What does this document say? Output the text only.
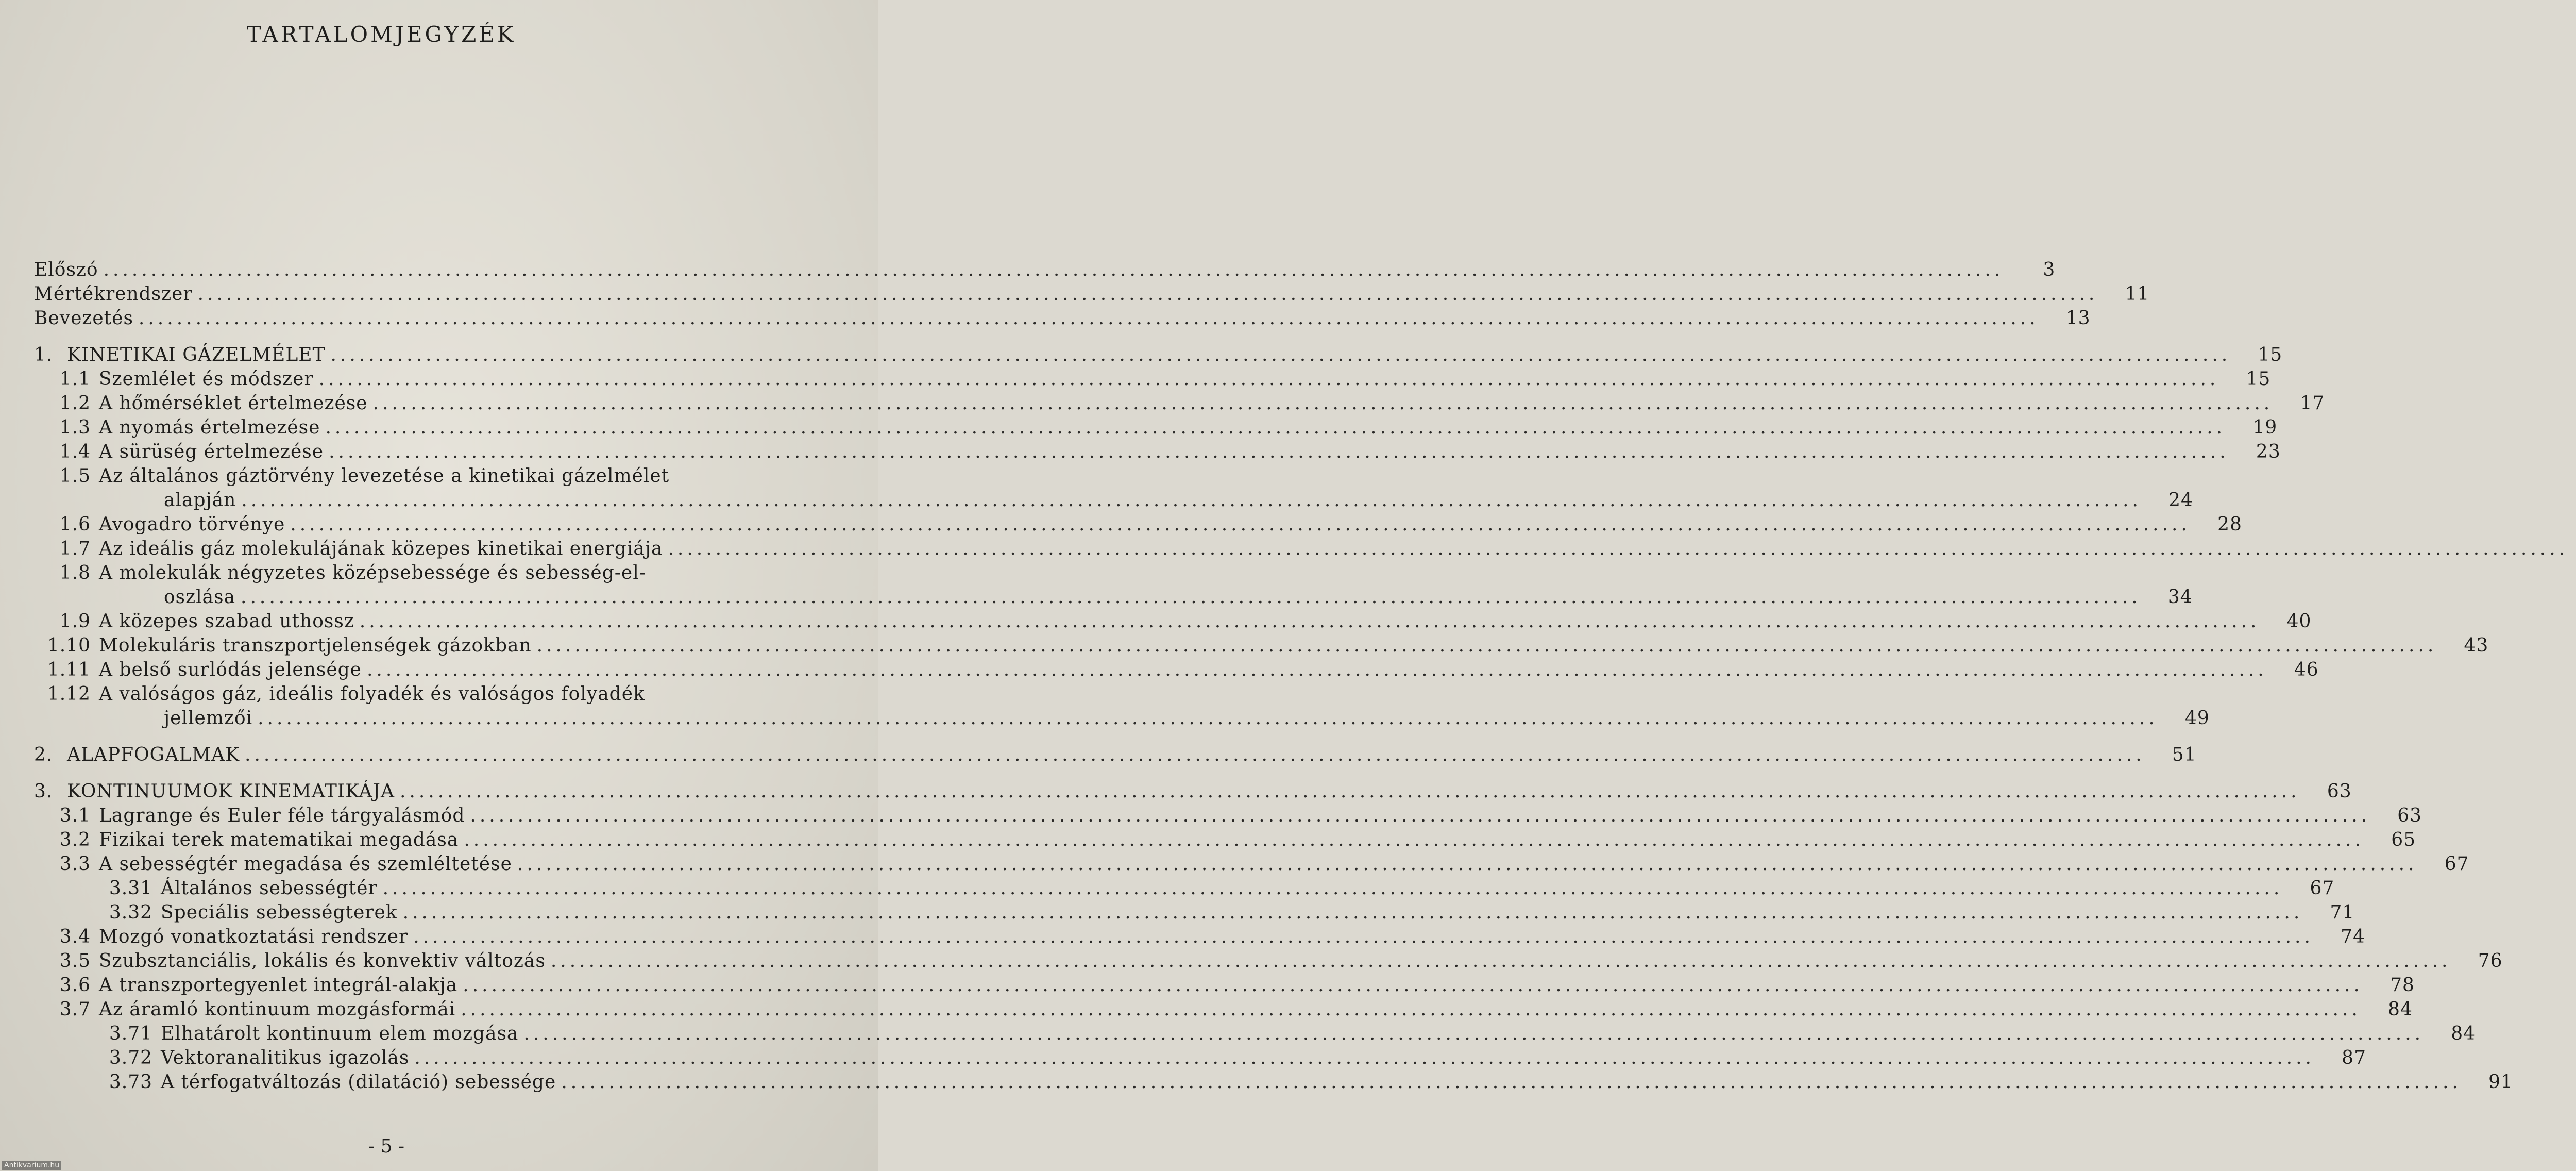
TARTALOMJEGYZÉK
Előszó ........................................................................................................................................................................................................	3
Mértékrendszer ........................................................................................................................................................................................................	11
Bevezetés ........................................................................................................................................................................................................	13
1. KINETIKAI GÁZELMÉLET ........................................................................................................................................................................................................	15
1.1 Szemlélet és módszer ........................................................................................................................................................................................................	15
1.2 A hőmérséklet értelmezése ........................................................................................................................................................................................................	17
1.3 A nyomás értelmezése ........................................................................................................................................................................................................	19
1.4 A sürüség értelmezése ........................................................................................................................................................................................................	23
1.5 Az általános gáztörvény levezetése a kinetikai gázelmélet
alapján ........................................................................................................................................................................................................	24
1.6 Avogadro törvénye ........................................................................................................................................................................................................	28
1.7 Az ideális gáz molekulájának közepes kinetikai energiája ........................................................................................................................................................................................................
1.8 A molekulák négyzetes középsebessége és sebesség-el-
oszlása ........................................................................................................................................................................................................	34
1.9 A közepes szabad uthossz ........................................................................................................................................................................................................	40
1.10 Molekuláris transzportjelenségek gázokban ........................................................................................................................................................................................................	43
1.11 A belső surlódás jelensége ........................................................................................................................................................................................................	46
1.12 A valóságos gáz, ideális folyadék és valóságos folyadék
jellemzői ........................................................................................................................................................................................................	49
2. ALAPFOGALMAK ........................................................................................................................................................................................................	51
3. KONTINUUMOK KINEMATIKÁJA ........................................................................................................................................................................................................	63
3.1 Lagrange és Euler féle tárgyalásmód ........................................................................................................................................................................................................	63
3.2 Fizikai terek matematikai megadása ........................................................................................................................................................................................................	65
3.3 A sebességtér megadása és szemléltetése ........................................................................................................................................................................................................	67
3.31 Általános sebességtér ........................................................................................................................................................................................................	67
3.32 Speciális sebességterek ........................................................................................................................................................................................................	71
3.4 Mozgó vonatkoztatási rendszer ........................................................................................................................................................................................................	74
3.5 Szubsztanciális, lokális és konvektiv változás ........................................................................................................................................................................................................	76
3.6 A transzportegyenlet integrál-alakja ........................................................................................................................................................................................................	78
3.7 Az áramló kontinuum mozgásformái ........................................................................................................................................................................................................	84
3.71 Elhatárolt kontinuum elem mozgása ........................................................................................................................................................................................................	84
3.72 Vektoranalitikus igazolás ........................................................................................................................................................................................................	87
3.73 A térfogatváltozás (dilatáció) sebessége ........................................................................................................................................................................................................	91
- 5 -
Antikvarium.hu
